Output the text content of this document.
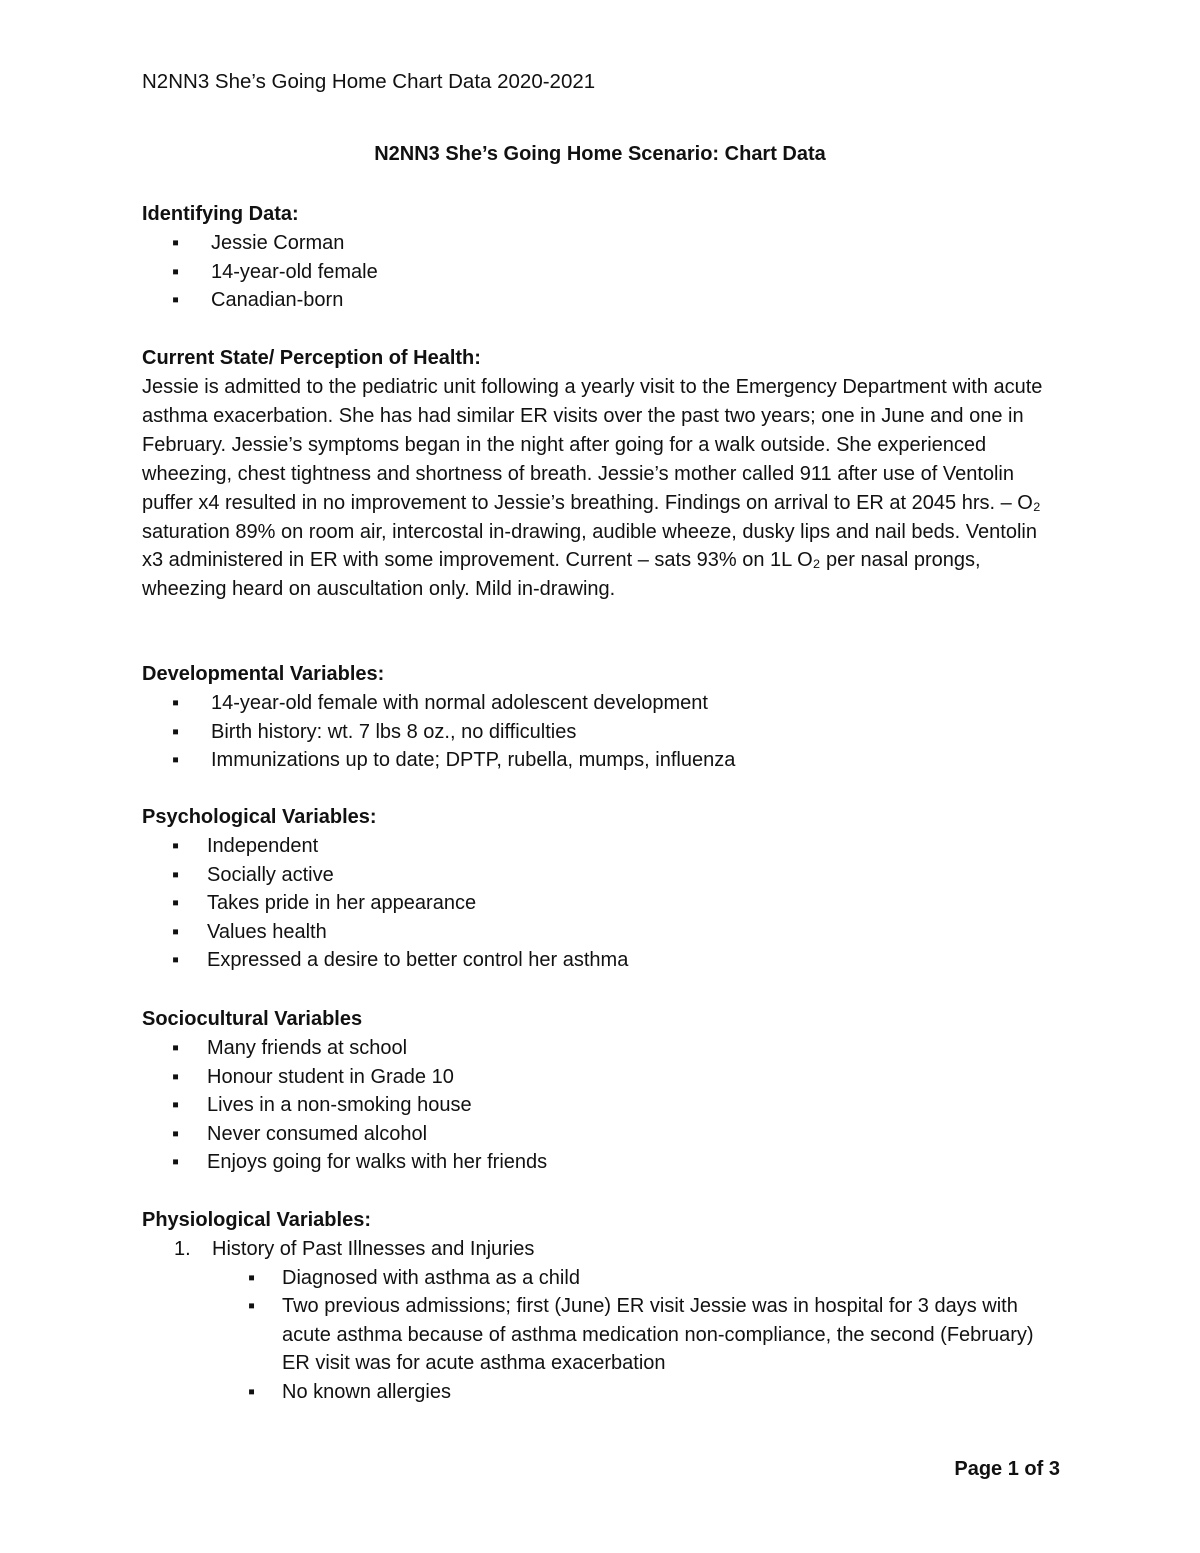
N2NN3 She’s Going Home Chart Data 2020-2021
N2NN3 She’s Going Home Scenario: Chart Data
Identifying Data:
▪ Jessie Corman
▪ 14-year-old female
▪ Canadian-born
Current State/ Perception of Health:

Jessie is admitted to the pediatric unit following a yearly visit to the Emergency Department with acute asthma exacerbation. She has had similar ER visits over the past two years; one in June and one in February. Jessie’s symptoms began in the night after going for a walk outside. She experienced wheezing, chest tightness and shortness of breath. Jessie’s mother called 911 after use of Ventolin puffer x4 resulted in no improvement to Jessie’s breathing. Findings on arrival to ER at 2045 hrs. – O₂ saturation 89% on room air, intercostal in-drawing, audible wheeze, dusky lips and nail beds. Ventolin x3 administered in ER with some improvement. Current – sats 93% on 1L O₂ per nasal prongs, wheezing heard on auscultation only. Mild in-drawing.

Developmental Variables:
▪ 14-year-old female with normal adolescent development
▪ Birth history: wt. 7 lbs 8 oz., no difficulties
▪ Immunizations up to date; DPTP, rubella, mumps, influenza
Psychological Variables:
▪ Independent
▪ Socially active
▪ Takes pride in her appearance
▪ Values health
▪ Expressed a desire to better control her asthma
Sociocultural Variables
▪ Many friends at school
▪ Honour student in Grade 10
▪ Lives in a non-smoking house
▪ Never consumed alcohol
▪ Enjoys going for walks with her friends
Physiological Variables:
1. History of Past Illnesses and Injuries
▪ Diagnosed with asthma as a child
▪ Two previous admissions; first (June) ER visit Jessie was in hospital for 3 days with acute asthma because of asthma medication non-compliance, the second (February) ER visit was for acute asthma exacerbation
▪ No known allergies
Page 1 of 3
